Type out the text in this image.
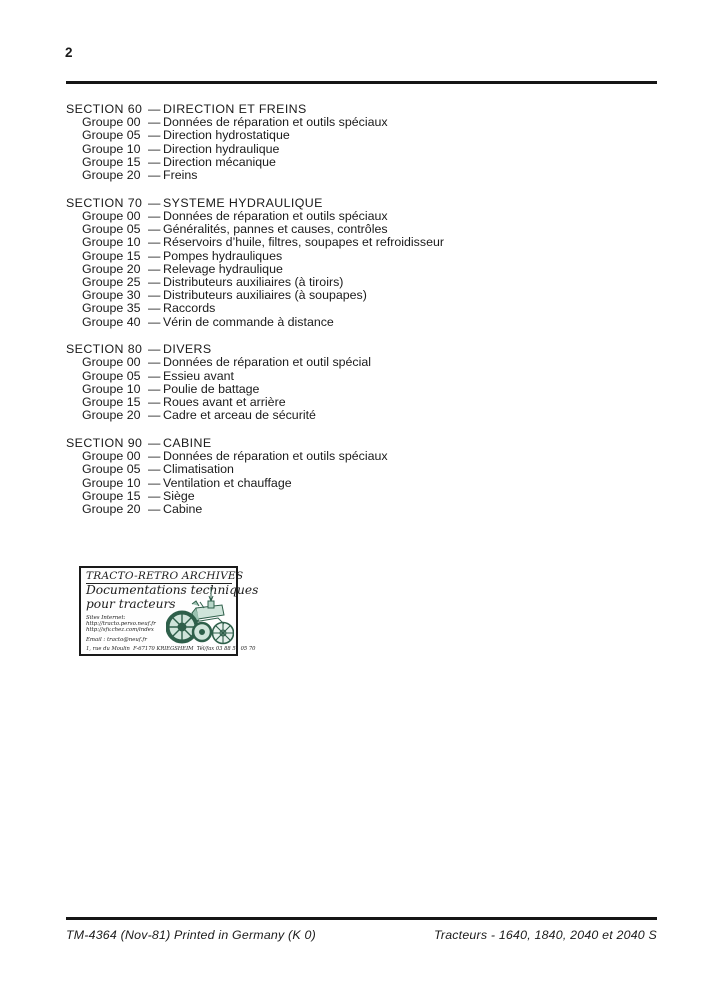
2
SECTION 60 — DIRECTION ET FREINS
Groupe 00 — Données de réparation et outils spéciaux
Groupe 05 — Direction hydrostatique
Groupe 10 — Direction hydraulique
Groupe 15 — Direction mécanique
Groupe 20 — Freins
SECTION 70 — SYSTEME HYDRAULIQUE
Groupe 00 — Données de réparation et outils spéciaux
Groupe 05 — Généralités, pannes et causes, contrôles
Groupe 10 — Réservoirs d’huile, filtres, soupapes et refroidisseur
Groupe 15 — Pompes hydrauliques
Groupe 20 — Relevage hydraulique
Groupe 25 — Distributeurs auxiliaires (à tiroirs)
Groupe 30 — Distributeurs auxiliaires (à soupapes)
Groupe 35 — Raccords
Groupe 40 — Vérin de commande à distance
SECTION 80 — DIVERS
Groupe 00 — Données de réparation et outil spécial
Groupe 05 — Essieu avant
Groupe 10 — Poulie de battage
Groupe 15 — Roues avant et arrière
Groupe 20 — Cadre et arceau de sécurité
SECTION 90 — CABINE
Groupe 00 — Données de réparation et outils spéciaux
Groupe 05 — Climatisation
Groupe 10 — Ventilation et chauffage
Groupe 15 — Siège
Groupe 20 — Cabine
TRACTO-RETRO ARCHIVES
Documentations techniques
pour tracteurs
Sites Internet:
http://tracto.perso.neuf.fr
http://sfv.chez.com/index
Email : tracto@neuf.fr
1, rue du Moulin  F-67170 KRIEGSHEIM  Tél/fax 03 88 51 05 70
TM-4364 (Nov-81) Printed in Germany (K 0)	Tracteurs - 1640, 1840, 2040 et 2040 S
